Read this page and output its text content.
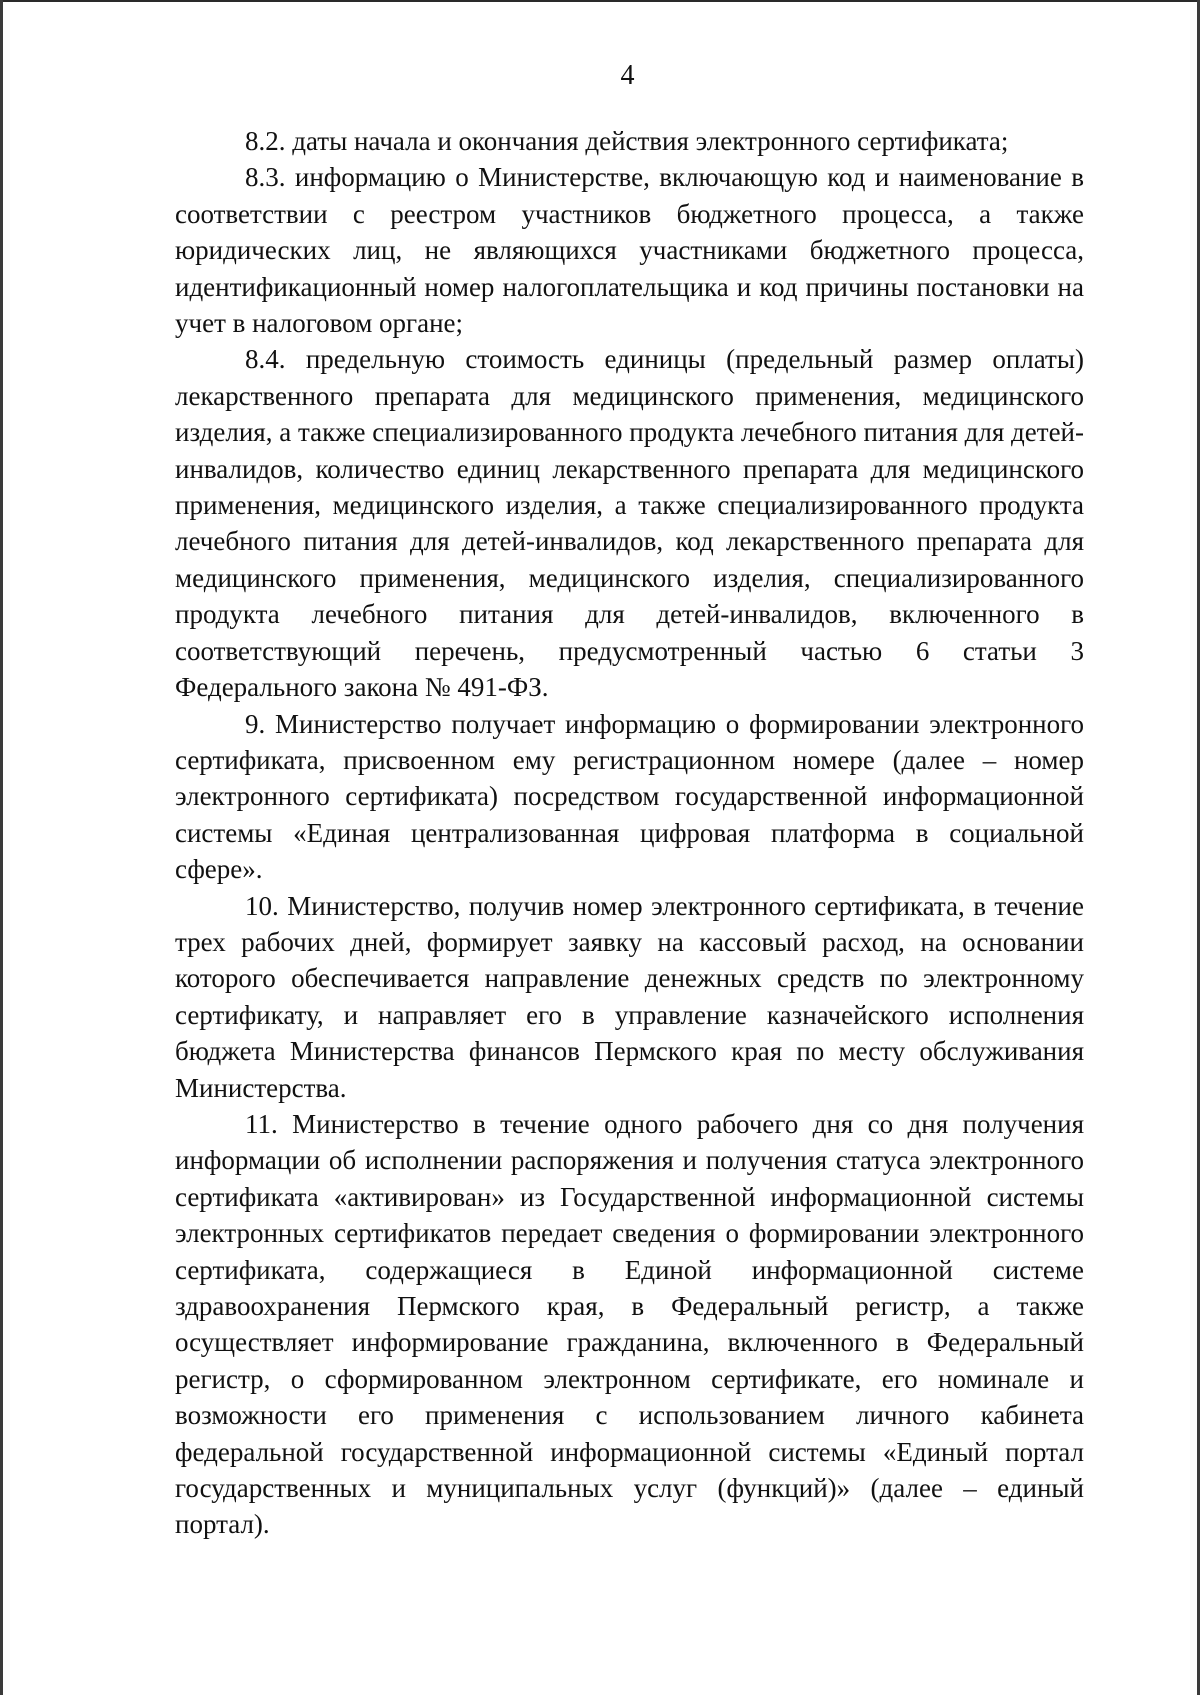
4

8.2. даты начала и окончания действия электронного сертификата;

8.3. информацию о Министерстве, включающую код и наименование в соответствии с реестром участников бюджетного процесса, а также юридических лиц, не являющихся участниками бюджетного процесса, идентификационный номер налогоплательщика и код причины постановки на учет в налоговом органе;

8.4. предельную стоимость единицы (предельный размер оплаты) лекарственного препарата для медицинского применения, медицинского изделия, а также специализированного продукта лечебного питания для детей-инвалидов, количество единиц лекарственного препарата для медицинского применения, медицинского изделия, а также специализированного продукта лечебного питания для детей-инвалидов, код лекарственного препарата для медицинского применения, медицинского изделия, специализированного продукта лечебного питания для детей-инвалидов, включенного в соответствующий перечень, предусмотренный частью 6 статьи 3 Федерального закона № 491-ФЗ.

9. Министерство получает информацию о формировании электронного сертификата, присвоенном ему регистрационном номере (далее – номер электронного сертификата) посредством государственной информационной системы «Единая централизованная цифровая платформа в социальной сфере».

10. Министерство, получив номер электронного сертификата, в течение трех рабочих дней, формирует заявку на кассовый расход, на основании которого обеспечивается направление денежных средств по электронному сертификату, и направляет его в управление казначейского исполнения бюджета Министерства финансов Пермского края по месту обслуживания Министерства.

11. Министерство в течение одного рабочего дня со дня получения информации об исполнении распоряжения и получения статуса электронного сертификата «активирован» из Государственной информационной системы электронных сертификатов передает сведения о формировании электронного сертификата, содержащиеся в Единой информационной системе здравоохранения Пермского края, в Федеральный регистр, а также осуществляет информирование гражданина, включенного в Федеральный регистр, о сформированном электронном сертификате, его номинале и возможности его применения с использованием личного кабинета федеральной государственной информационной системы «Единый портал государственных и муниципальных услуг (функций)» (далее – единый портал).
